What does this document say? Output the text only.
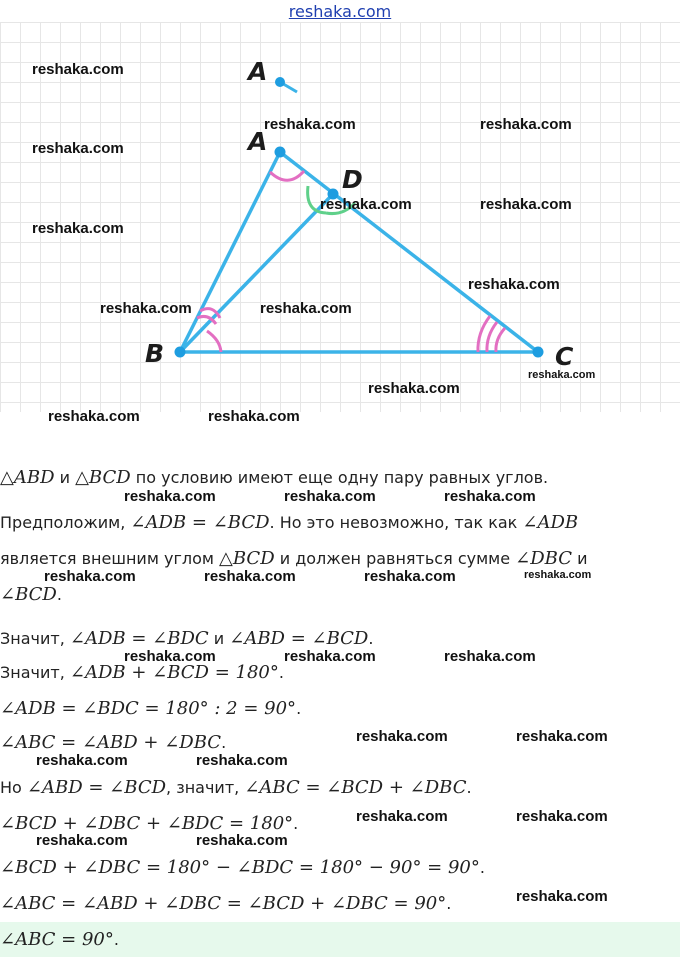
reshaka.com
A
A
D
B	C
reshaka.com
reshaka.com	reshaka.com
reshaka.com
reshaka.com	reshaka.com
reshaka.com
reshaka.com
reshaka.com	reshaka.com
reshaka.com
reshaka.com
reshaka.com	reshaka.com
△ABD и △BCD по условию имеют еще одну пару равных углов.
Предположим, ∠ADB = ∠BCD. Но это невозможно, так как ∠ADB
является внешним углом △BCD и должен равняться сумме ∠DBC и
∠BCD.
Значит, ∠ADB = ∠BDC и ∠ABD = ∠BCD.
Значит, ∠ADB + ∠BCD = 180°.
∠ADB = ∠BDC = 180° : 2 = 90°.
∠ABC = ∠ABD + ∠DBC.
Но ∠ABD = ∠BCD, значит, ∠ABC = ∠BCD + ∠DBC.
∠BCD + ∠DBC + ∠BDC = 180°.
∠BCD + ∠DBC = 180° − ∠BDC = 180° − 90° = 90°.
∠ABC = ∠ABD + ∠DBC = ∠BCD + ∠DBC = 90°.
∠ABC = 90°.
reshaka.com	reshaka.com	reshaka.com
reshaka.com	reshaka.com	reshaka.com	reshaka.com
reshaka.com	reshaka.com	reshaka.com
reshaka.com	reshaka.com
reshaka.com	reshaka.com
reshaka.com	reshaka.com
reshaka.com	reshaka.com
reshaka.com
